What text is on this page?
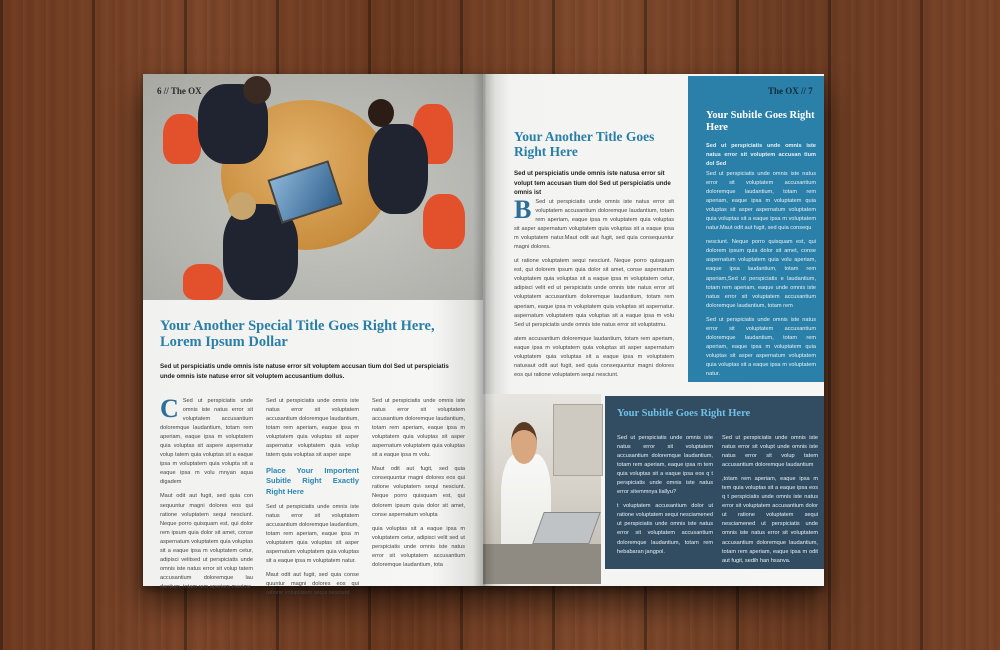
6 // The OX
Your Another Special Title Goes Right Here, Lorem Ipsum Dollar
Sed ut perspiciatis unde omnis iste natuse error sit voluptem accusan tium dol Sed ut perspiciatis unde omnis iste natuse error sit voluptem accusantium dollus.

C Sed ut perspiciatis unde omnis iste natus error sit voluptatem accusantium doloremque laudantium, totam rem aperiam, eaque ipsa m voluptatem quia voluptas sit aspere aspernatur volup tatem quia voluptas sit a eaque ipsa m voluptatem quia volupta sit a eaque ipsa m volu mnyan aqua digadem

Maut odit aut fugit, sed quia con sequuntur magni dolores eos qui ratione voluptatem sequi nesciunt. Neque porro quisquam est, qui dolor rem ipsum quia dolor sit amet, conse aspernatum voluptatem quia voluptas sit a eaque ipsa m voluptatem cetur, adipisci velitsed ut perspiciatis unde omnis iste natus error sit volup tatem accusantium doloremque lau dantium, totam rem aperiam maxime

Sed ut perspiciatis unde omnis iste natus error sit voluptatem accusantium doloremque laudantium, totam rem aperiam, eaque ipsa m voluptatem quia voluptas sit asper aspernatur voluptatem quia volup tatem quia voluptas sit asper aspe

Place Your Importent Subitle Right Exactly Right Here

Sed ut perspiciatis unde omnis iste natus error sit voluptatem accusantium doloremque laudantium, totam rem aperiam, eaque ipsa m voluptatem quia voluptas sit asper aspernatum voluptatem quia voluptas sit a eaque ipsa m voluptatem natur.

Maut odit aut fugit, sed quia conse quuntur magni dolores eos qui ratione voluptatem sequi nesciunt.

Sed ut perspiciatis unde omnis iste natus error sit voluptatem accusantium doloremque laudantium, totam rem aperiam, eaque ipsa m voluptatem quia voluptas sit asper aspernatum voluptatem quia voluptas sit a eaque ipsa m volu.

Maut odit aut fugit, sed quia consequuntur magni dolores eos qui ratione voluptatem sequi nesciunt. Neque porro quisquam est, qui dolorem ipsum quia dolor sit amet, conse aspernatum volupta

quia voluptas sit a eaque ipsa m voluptatem cetur, adipisci velit sed ut perspiciatis unde omnis iste natus error sit voluptatem accusantium doloremque laudantium, tota

Your Another Title Goes Right Here
Sed ut perspiciatis unde omnis iste natusa error sit volupt tem accusan tium dol Sed ut perspiciatis unde omnis ist

B Sed ut perspiciatis unde omnis iste natus error sit voluptatem accusantium doloremque laudantium, totam rem aperiam, eaque ipsa m voluptatem quia voluptas sit asper aspernatum voluptatem quia voluptas sit a eaque ipsa m voluptatem natur.Maut odit aut fugit, sed quia consequuntur magni dolores.

ut ratione voluptatem sequi nesciunt. Neque porro quisquam est, qui dolorem ipsum quia dolor sit amet, conse aspernatum voluptatem quia voluptas sit a eaque ipsa m voluptatem cetur, adipisci velit ed ut perspiciatis unde omnis iste natus error sit voluptatem accusantium doloremque laudantium, totam rem aperiam, eaque ipsa m voluptatem quia voluptas sit aspernatur. aspernatum voluptatem quia voluptas sit a eaque ipsa m volu Sed ut perspiciatis unde omnis iste natus error sit voluptatmu.

atem accusantium doloremque laudantium, totam rem aperiam, eaque ipsa m voluptatem quia voluptas sit asper aspernatum voluptatem quia voluptas sit a eaque ipsa m voluptatem natusaut odit aut fugit, sed quia consequuntur magni dolores eos qui ratione voluptatem sequi nesciunt.

The OX // 7
Your Subitle Goes Right Here
Sed ut perspiciatis unde omnis iste natus error sit voluptem accusan tium dol Sed

Sed ut perspiciatis unde omnis iste natus error sit voluptatem accusantium doloremque laudantium, totam rem aperiam, eaque ipsa m voluptatem quia voluptas sit asper aspernatum voluptatem quia voluptas sit a eaque ipsa m voluptatem natur.Maut odit aut fugit, sed quia consequ

nesciunt. Neque porro quisquam est, qui dolorem ipsum quia dolor sit amet, conse aspernatum voluptatem quia volu aperiam, eaque ipsa laudantium, totam rem aperiam,Sed ut perspiciatis e laudantium, totam rem aperiam, eaque unde omnis iste natus error sit voluptatem accusantium doloremque laudantium, totam rem

Sed ut perspiciatis unde omnis iste natus error sit voluptatem accusantium doloremque laudantium, totam rem aperiam, eaque ipsa m voluptatem quia voluptas sit asper aspernatum voluptatem quia voluptas sit a eaque ipsa m voluptatem natur.

Your Subitle Goes Right Here

Sed ut perspiciatis unde omnis iste natus error sit voluptatem accusantium doloremque laudantium, totam rem aperiam, eaque ipsa m tem quia voluptas sit a eaque ipsa eos q t perspiciatis unde omnis iste natus error sitemmnya liallyu?

t voluptatem accusantium dolor ut ratione voluptatem sequi nesciamened ut perspiciatis unde omnis iste natus error sit voluptatem accusantium doloremque laudantium, totam rem hebabaran jangpol.

Sed ut perspiciatis unde omnis iste natus error sit volupt unde omnis iste natus error sit volup tatem accusantium doloremque laudantium

,totam rem aperiam, eaque ipsa m tem quia voluptas sit a eaque ipsa eos q t perspiciatis unde omnis iste natus error sit voluptatem accusantium dolor ut ratione voluptatem sequi nesciamened ut perspiciatis unde omnis iste natus error sit voluptatem accusantium doloremque laudantium, totam rem aperiam, eaque ipsa m odit aut fugit, sedih han hsanva.
